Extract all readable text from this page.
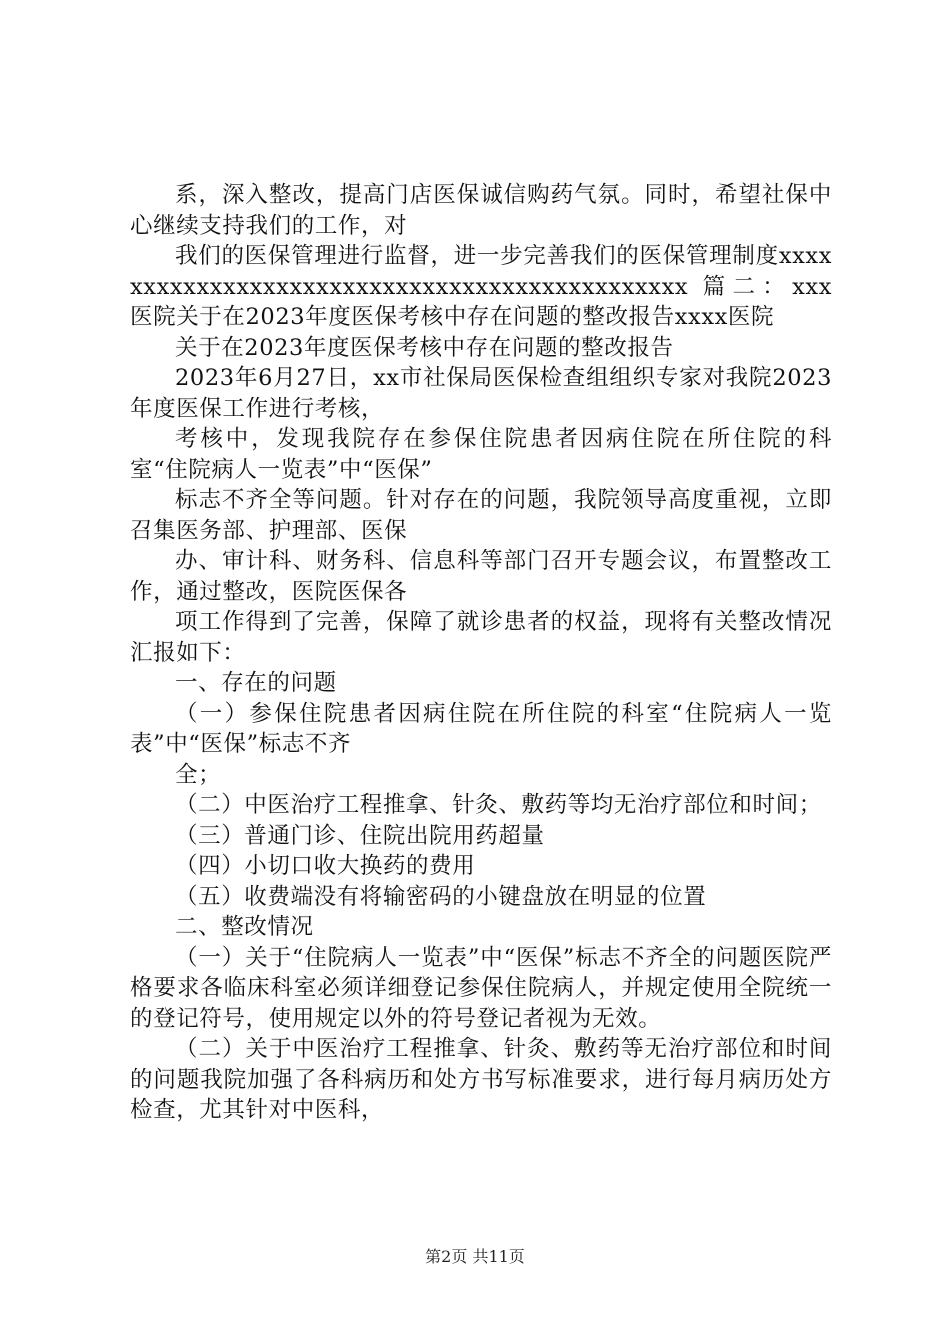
系，深入整改，提高门店医保诚信购药气氛。同时，希望社保中心继续支持我们的工作，对

我们的医保管理进行监督，进一步完善我们的医保管理制度xxxxxxxxxxxxxxxxxxxxxxxxxxxxxxxxxxxxxxxxxxxxxx 篇二：xxx 医院关于在2023年度医保考核中存在问题的整改报告xxxx医院

关于在2023年度医保考核中存在问题的整改报告

2023年6月27日，xx市社保局医保检查组组织专家对我院2023年度医保工作进行考核，

考核中，发现我院存在参保住院患者因病住院在所住院的科室“住院病人一览表”中“医保”

标志不齐全等问题。针对存在的问题，我院领导高度重视，立即召集医务部、护理部、医保

办、审计科、财务科、信息科等部门召开专题会议，布置整改工作，通过整改，医院医保各

项工作得到了完善，保障了就诊患者的权益，现将有关整改情况汇报如下：

一、存在的问题

（一）参保住院患者因病住院在所住院的科室“住院病人一览表”中“医保”标志不齐

全；

（二）中医治疗工程推拿、针灸、敷药等均无治疗部位和时间；

（三）普通门诊、住院出院用药超量

（四）小切口收大换药的费用

（五）收费端没有将输密码的小键盘放在明显的位置

二、整改情况

（一）关于“住院病人一览表”中“医保”标志不齐全的问题医院严格要求各临床科室必须详细登记参保住院病人，并规定使用全院统一的登记符号，使用规定以外的符号登记者视为无效。

（二）关于中医治疗工程推拿、针灸、敷药等无治疗部位和时间的问题我院加强了各科病历和处方书写标准要求，进行每月病历处方检查，尤其针对中医科，

第2页 共11页
